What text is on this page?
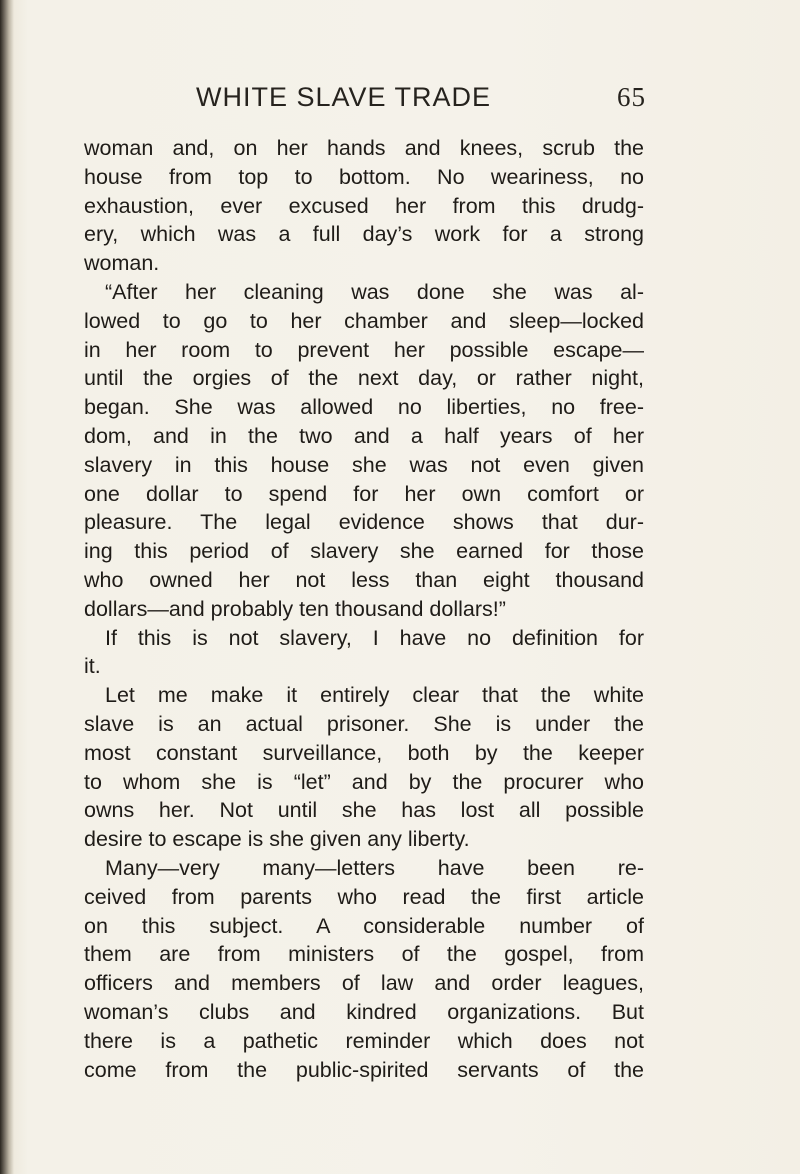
WHITE SLAVE TRADE	65
woman and, on her hands and knees, scrub the
house from top to bottom. No weariness, no
exhaustion, ever excused her from this drudg-
ery, which was a full day’s work for a strong
woman.
“After her cleaning was done she was al-
lowed to go to her chamber and sleep—locked
in her room to prevent her possible escape—
until the orgies of the next day, or rather night,
began. She was allowed no liberties, no free-
dom, and in the two and a half years of her
slavery in this house she was not even given
one dollar to spend for her own comfort or
pleasure. The legal evidence shows that dur-
ing this period of slavery she earned for those
who owned her not less than eight thousand
dollars—and probably ten thousand dollars!”
If this is not slavery, I have no definition for
it.
Let me make it entirely clear that the white
slave is an actual prisoner. She is under the
most constant surveillance, both by the keeper
to whom she is “let” and by the procurer who
owns her. Not until she has lost all possible
desire to escape is she given any liberty.
Many—very many—letters have been re-
ceived from parents who read the first article
on this subject. A considerable number of
them are from ministers of the gospel, from
officers and members of law and order leagues,
woman’s clubs and kindred organizations. But
there is a pathetic reminder which does not
come from the public-spirited servants of the
